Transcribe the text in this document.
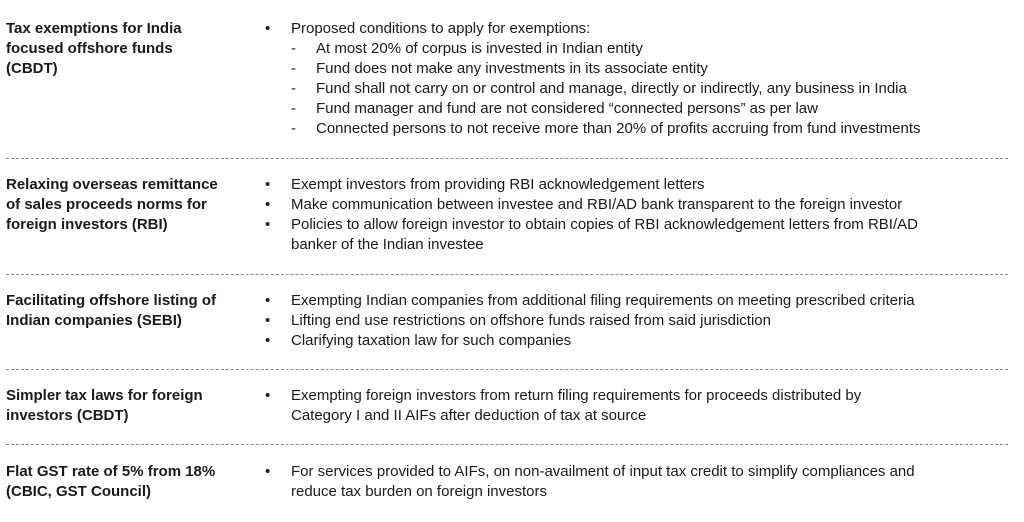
Tax exemptions for India
focused offshore funds
(CBDT)
• Proposed conditions to apply for exemptions:
- At most 20% of corpus is invested in Indian entity
- Fund does not make any investments in its associate entity
- Fund shall not carry on or control and manage, directly or indirectly, any business in India
- Fund manager and fund are not considered “connected persons” as per law
- Connected persons to not receive more than 20% of profits accruing from fund investments
Relaxing overseas remittance
of sales proceeds norms for
foreign investors (RBI)
• Exempt investors from providing RBI acknowledgement letters
• Make communication between investee and RBI/AD bank transparent to the foreign investor
• Policies to allow foreign investor to obtain copies of RBI acknowledgement letters from RBI/AD
banker of the Indian investee
Facilitating offshore listing of
Indian companies (SEBI)
• Exempting Indian companies from additional filing requirements on meeting prescribed criteria
• Lifting end use restrictions on offshore funds raised from said jurisdiction
• Clarifying taxation law for such companies
Simpler tax laws for foreign
investors (CBDT)
• Exempting foreign investors from return filing requirements for proceeds distributed by
Category I and II AIFs after deduction of tax at source
Flat GST rate of 5% from 18%
(CBIC, GST Council)
• For services provided to AIFs, on non-availment of input tax credit to simplify compliances and
reduce tax burden on foreign investors
